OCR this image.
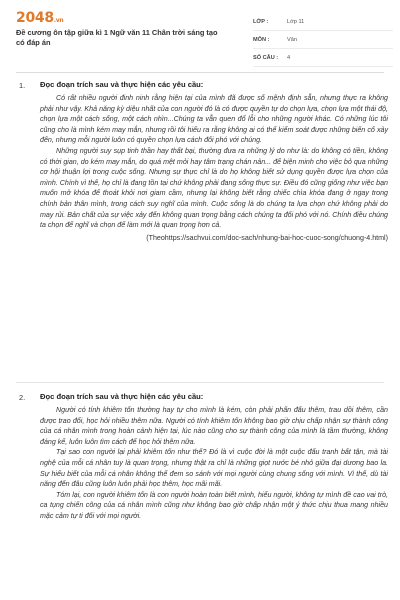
2048.vn
Đề cương ôn tập giữa kì 1 Ngữ văn 11 Chân trời sáng tạo có đáp án
LỚP :	Lớp 11
MÔN :	Văn
SỐ CÂU :	4
1. Đọc đoạn trích sau và thực hiện các yêu cầu:

Có rất nhiều người đinh ninh rằng hiện tại của mình đã được số mệnh định sẵn, nhưng thực ra không phải như vậy. Khả năng kỳ diệu nhất của con người đó là có được quyền tự do chọn lựa, chọn lựa một thái độ, chọn lựa một cách sống, một cách nhìn...Chúng ta vẫn quen đổ lỗi cho những người khác. Có những lúc tôi cũng cho là mình kém may mắn, nhưng rồi tôi hiểu ra rằng không ai có thể kiểm soát được những biến cố xảy đến, nhưng mỗi người luôn có quyền chọn lựa cách đối phó với chúng.

Những người suy sụp tinh thần hay thất bại, thường đưa ra những lý do như là: do không có tiền, không có thời gian, do kém may mắn, do quá mệt mỏi hay tâm trạng chán nản... để biện minh cho việc bỏ qua những cơ hội thuận lợi trong cuộc sống. Nhưng sự thực chỉ là do họ không biết sử dụng quyền được lựa chọn của mình. Chính vì thế, họ chỉ là đang tồn tại chứ không phải đang sống thực sự. Điều đó cũng giống như việc bạn muốn mở khóa để thoát khỏi nơi giam cầm, nhưng lại không biết rằng chiếc chìa khóa đang ở ngay trong chính bản thân mình, trong cách suy nghĩ của mình. Cuộc sống là do chúng ta lựa chọn chứ không phải do may rủi. Bản chất của sự việc xảy đến không quan trọng bằng cách chúng ta đối phó với nó. Chính điều chúng ta chọn để nghĩ và chọn để làm mới là quan trọng hơn cả.

(Theohttps://sachvui.com/doc-sach/nhung-bai-hoc-cuoc-song/chuong-4.html)

2. Đọc đoạn trích sau và thực hiện các yêu cầu:

Người có tính khiêm tốn thường hay tự cho mình là kém, còn phải phấn đấu thêm, trau dồi thêm, cần được trao đổi, học hỏi nhiều thêm nữa. Người có tính khiêm tốn không bao giờ chịu chấp nhận sự thành công của cá nhân mình trong hoàn cảnh hiện tại, lúc nào cũng cho sự thành công của mình là tầm thường, không đáng kể, luôn luôn tìm cách để học hỏi thêm nữa.

Tại sao con người lại phải khiêm tốn như thế? Đó là vì cuộc đời là một cuộc đấu tranh bất tận, mà tài nghệ của mỗi cá nhân tuy là quan trọng, nhưng thật ra chỉ là những giọt nước bé nhỏ giữa đại dương bao la. Sự hiểu biết của mỗi cá nhân không thể đem so sánh với mọi người cùng chung sống với mình. Vì thế, dù tài năng đến đâu cũng luôn luôn phải học thêm, học mãi mãi.

Tóm lại, con người khiêm tốn là con người hoàn toàn biết mình, hiểu người, không tự mình đề cao vai trò, ca tụng chiến công của cá nhân mình cũng như không bao giờ chấp nhận một ý thức chịu thua mang nhiều mặc cảm tự ti đối với mọi người.
